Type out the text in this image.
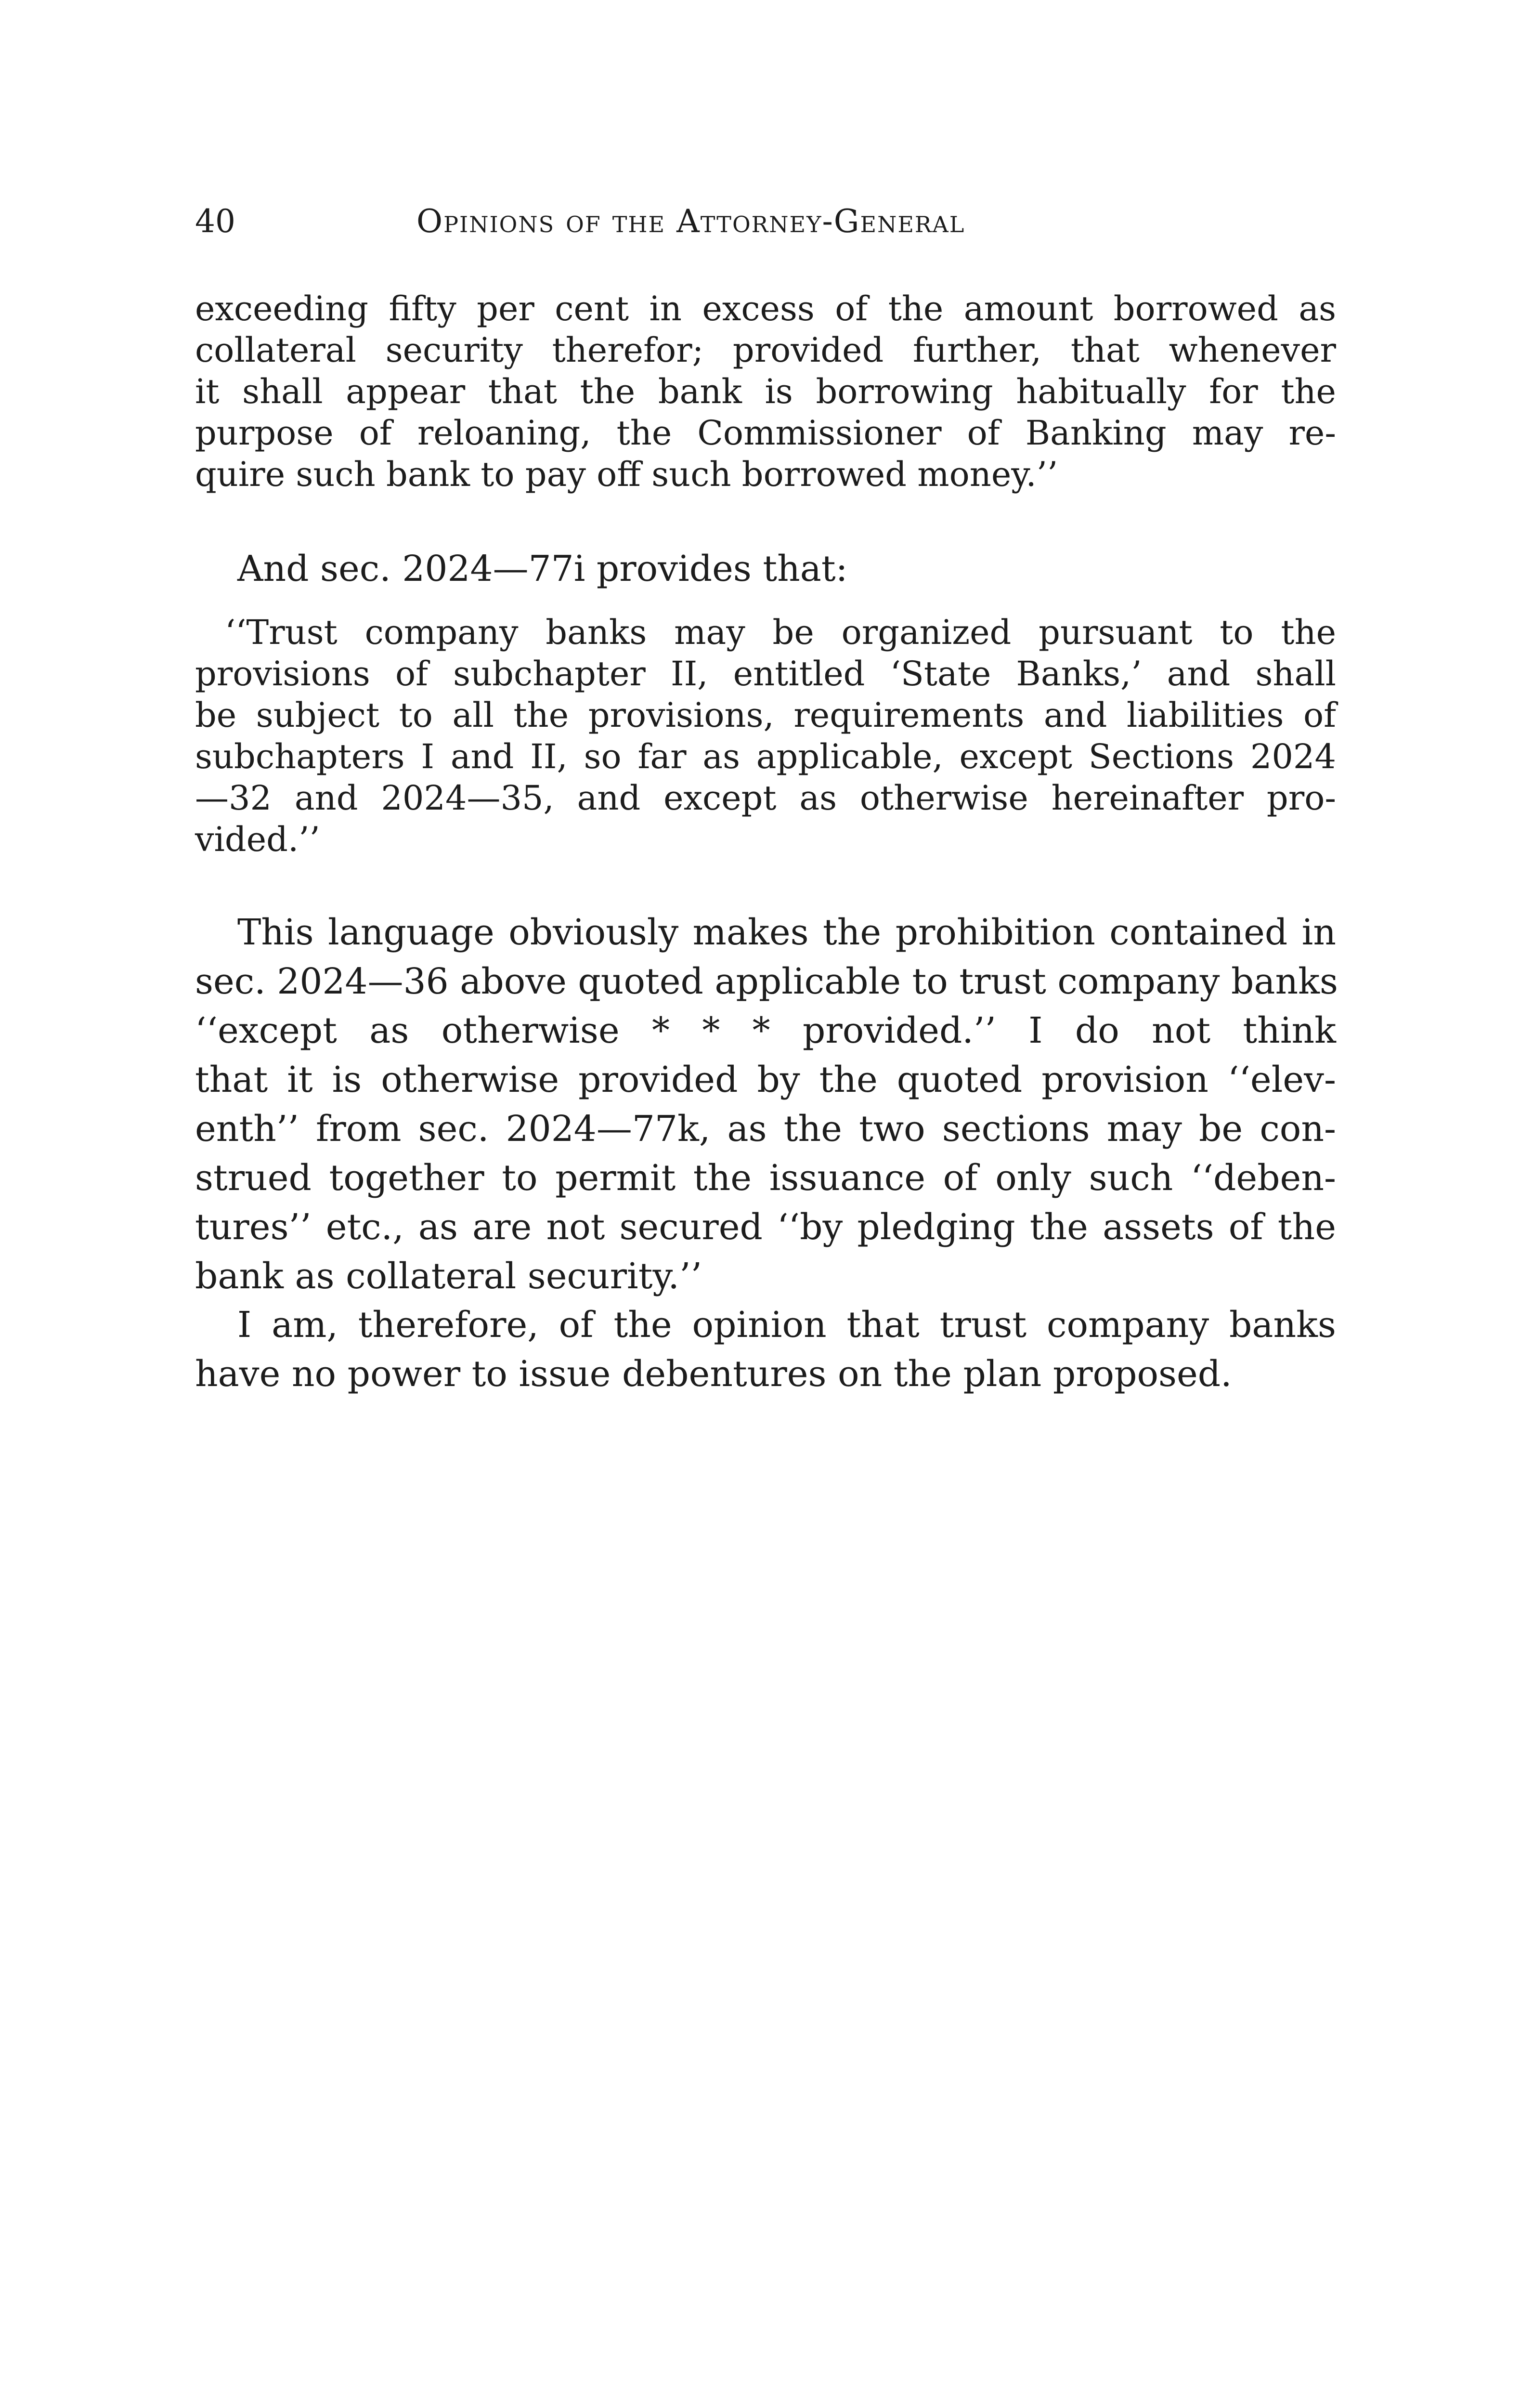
40	Opinions of the Attorney-General
exceeding fifty per cent in excess of the amount borrowed as
collateral security therefor; provided further, that whenever
it shall appear that the bank is borrowing habitually for the
purpose of reloaning, the Commissioner of Banking may re-
quire such bank to pay off such borrowed money.’’
And sec. 2024—77i provides that:
‘‘Trust company banks may be organized pursuant to the
provisions of subchapter II, entitled ‘State Banks,’ and shall
be subject to all the provisions, requirements and liabilities of
subchapters I and II, so far as applicable, except Sections 2024
—32 and 2024—35, and except as otherwise hereinafter pro-
vided.’’
This language obviously makes the prohibition contained in
sec. 2024—36 above quoted applicable to trust company banks
‘‘except as otherwise * * * provided.’’ I do not think
that it is otherwise provided by the quoted provision ‘‘elev-
enth’’ from sec. 2024—77k, as the two sections may be con-
strued together to permit the issuance of only such ‘‘deben-
tures’’ etc., as are not secured ‘‘by pledging the assets of the
bank as collateral security.’’
I am, therefore, of the opinion that trust company banks
have no power to issue debentures on the plan proposed.
